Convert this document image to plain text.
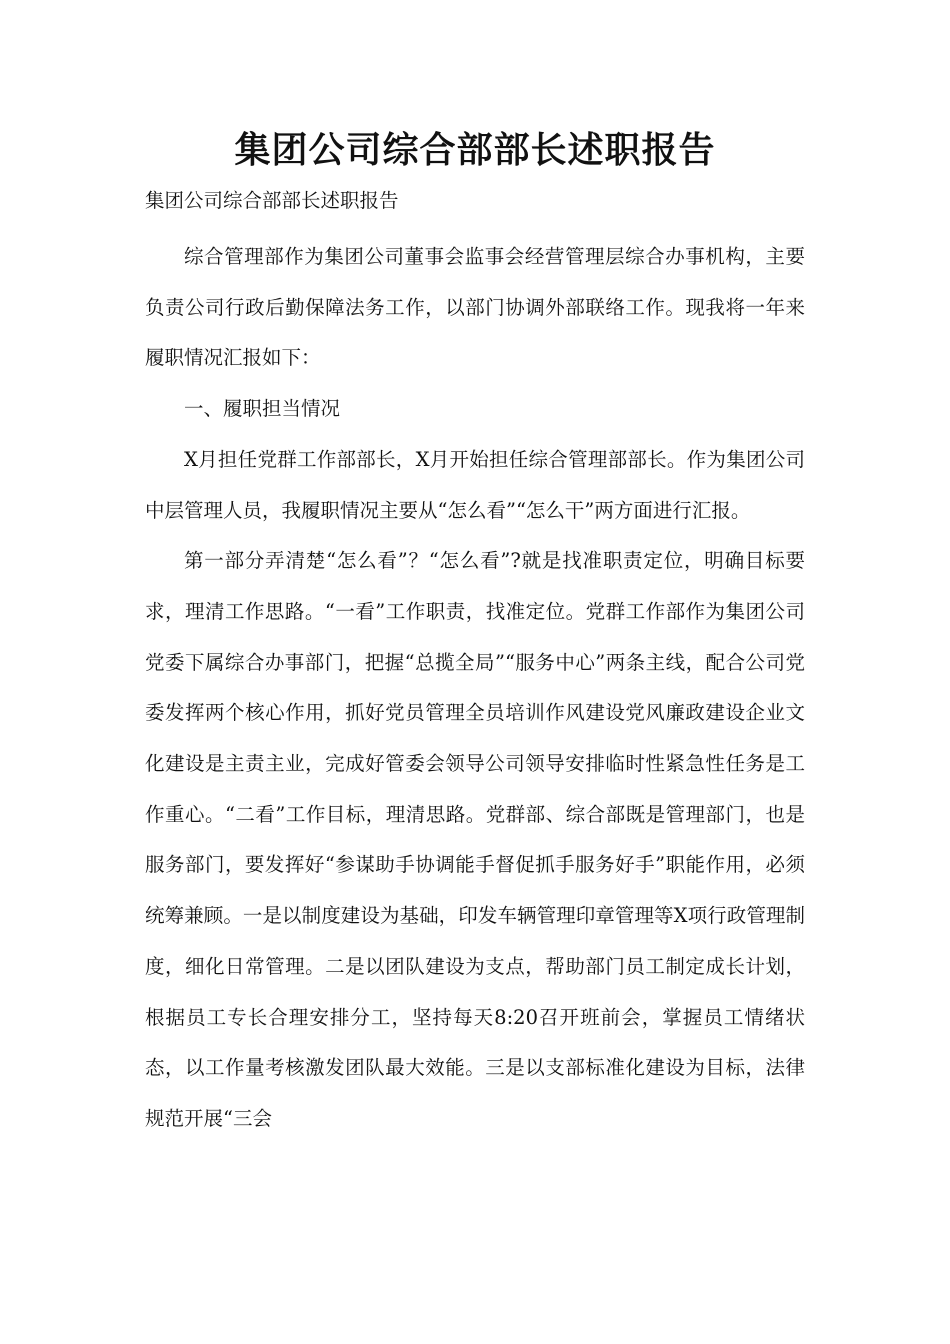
集团公司综合部部长述职报告

集团公司综合部部长述职报告

综合管理部作为集团公司董事会监事会经营管理层综合办事机构，主要负责公司行政后勤保障法务工作，以部门协调外部联络工作。现我将一年来履职情况汇报如下：

一、履职担当情况

X月担任党群工作部部长，X月开始担任综合管理部部长。作为集团公司中层管理人员，我履职情况主要从“怎么看”“怎么干”两方面进行汇报。

第一部分弄清楚“怎么看”？“怎么看”?就是找准职责定位，明确目标要求，理清工作思路。“一看”工作职责，找准定位。党群工作部作为集团公司党委下属综合办事部门，把握“总揽全局”“服务中心”两条主线，配合公司党委发挥两个核心作用，抓好党员管理全员培训作风建设党风廉政建设企业文化建设是主责主业，完成好管委会领导公司领导安排临时性紧急性任务是工作重心。“二看”工作目标，理清思路。党群部、综合部既是管理部门，也是服务部门，要发挥好“参谋助手协调能手督促抓手服务好手”职能作用，必须统筹兼顾。一是以制度建设为基础，印发车辆管理印章管理等X项行政管理制度，细化日常管理。二是以团队建设为支点，帮助部门员工制定成长计划，根据员工专长合理安排分工，坚持每天8:20召开班前会，掌握员工情绪状态，以工作量考核激发团队最大效能。三是以支部标准化建设为目标，法律规范开展“三会
